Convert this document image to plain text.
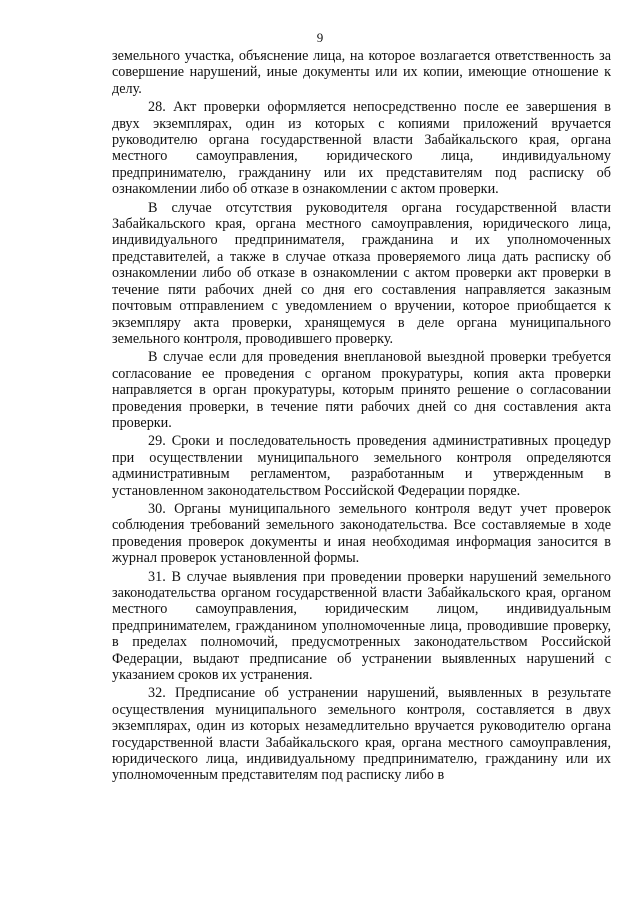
9

земельного участка, объяснение лица, на которое возлагается ответственность за совершение нарушений, иные документы или их копии, имеющие отношение к делу.

28. Акт проверки оформляется непосредственно после ее завершения в двух экземплярах, один из которых с копиями приложений вручается руководителю органа государственной власти Забайкальского края, органа местного самоуправления, юридического лица, индивидуальному предпринимателю, гражданину или их представителям под расписку об ознакомлении либо об отказе в ознакомлении с актом проверки.

В случае отсутствия руководителя органа государственной власти Забайкальского края, органа местного самоуправления, юридического лица, индивидуального предпринимателя, гражданина и их уполномоченных представителей, а также в случае отказа проверяемого лица дать расписку об ознакомлении либо об отказе в ознакомлении с актом проверки акт проверки в течение пяти рабочих дней со дня его составления направляется заказным почтовым отправлением с уведомлением о вручении, которое приобщается к экземпляру акта проверки, хранящемуся в деле органа муниципального земельного контроля, проводившего проверку.

В случае если для проведения внеплановой выездной проверки требуется согласование ее проведения с органом прокуратуры, копия акта проверки направляется в орган прокуратуры, которым принято решение о согласовании проведения проверки, в течение пяти рабочих дней со дня составления акта проверки.

29. Сроки и последовательность проведения административных процедур при осуществлении муниципального земельного контроля определяются административным регламентом, разработанным и утвержденным в установленном законодательством Российской Федерации порядке.

30. Органы муниципального земельного контроля ведут учет проверок соблюдения требований земельного законодательства. Все составляемые в ходе проведения проверок документы и иная необходимая информация заносится в журнал проверок установленной формы.

31. В случае выявления при проведении проверки нарушений земельного законодательства органом государственной власти Забайкальского края, органом местного самоуправления, юридическим лицом, индивидуальным предпринимателем, гражданином уполномоченные лица, проводившие проверку, в пределах полномочий, предусмотренных законодательством Российской Федерации, выдают предписание об устранении выявленных нарушений с указанием сроков их устранения.

32. Предписание об устранении нарушений, выявленных в результате осуществления муниципального земельного контроля, составляется в двух экземплярах, один из которых незамедлительно вручается руководителю органа государственной власти Забайкальского края, органа местного самоуправления, юридического лица, индивидуальному предпринимателю, гражданину или их уполномоченным представителям под расписку либо в
